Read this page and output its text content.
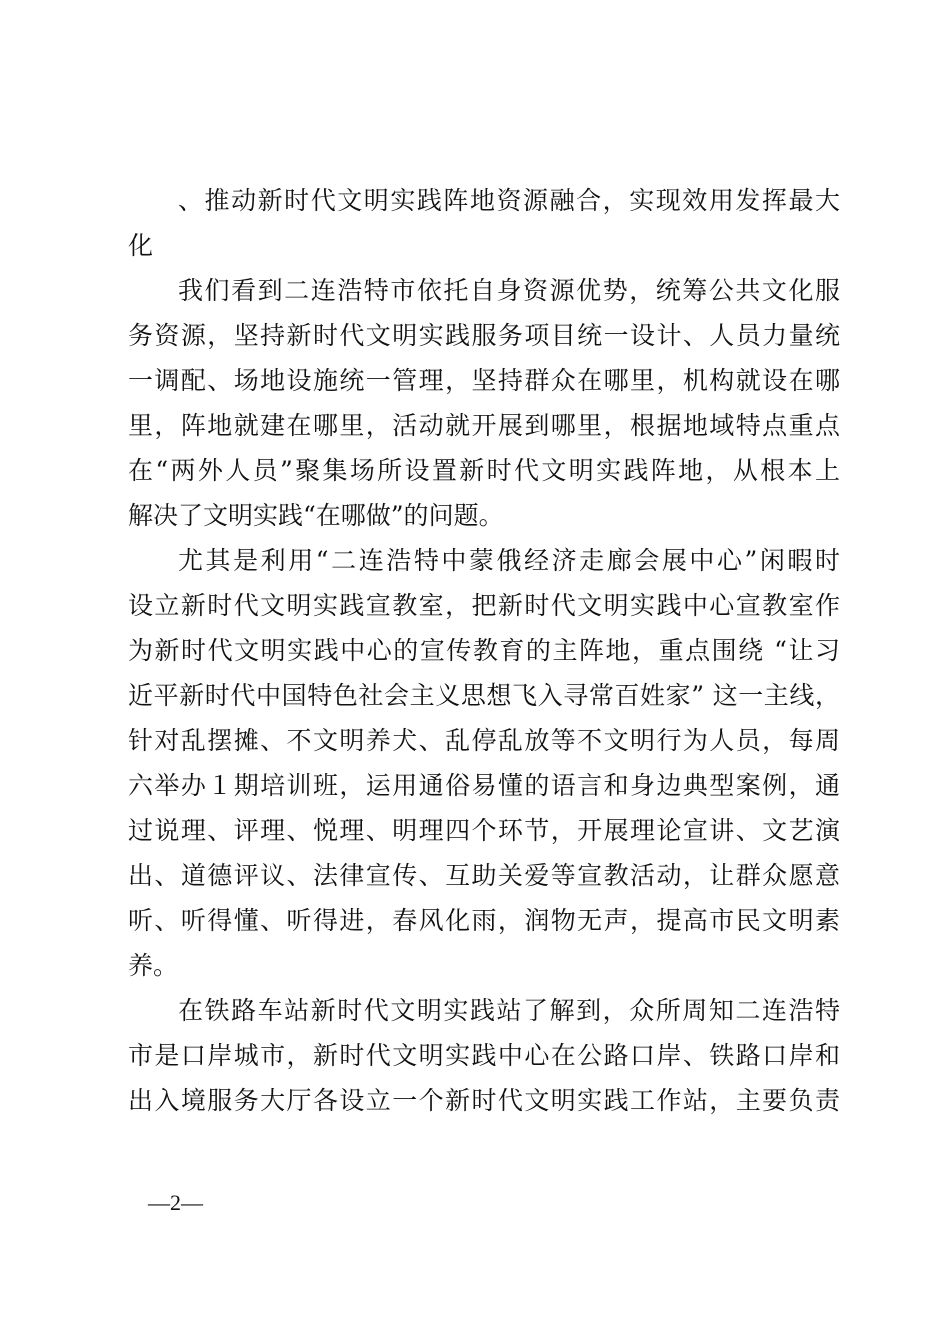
、推动新时代文明实践阵地资源融合，实现效用发挥最大
化
我们看到二连浩特市依托自身资源优势，统筹公共文化服
务资源，坚持新时代文明实践服务项目统一设计、人员力量统
一调配、场地设施统一管理，坚持群众在哪里，机构就设在哪
里，阵地就建在哪里，活动就开展到哪里，根据地域特点重点
在“两外人员”聚集场所设置新时代文明实践阵地，从根本上
解决了文明实践“在哪做”的问题。
尤其是利用“二连浩特中蒙俄经济走廊会展中心”闲暇时
设立新时代文明实践宣教室，把新时代文明实践中心宣教室作
为新时代文明实践中心的宣传教育的主阵地，重点围绕 “让习
近平新时代中国特色社会主义思想飞入寻常百姓家” 这一主线，
针对乱摆摊、不文明养犬、乱停乱放等不文明行为人员，每周
六举办１期培训班，运用通俗易懂的语言和身边典型案例，通
过说理、评理、悦理、明理四个环节，开展理论宣讲、文艺演
出、道德评议、法律宣传、互助关爱等宣教活动，让群众愿意
听、听得懂、听得进，春风化雨，润物无声，提高市民文明素
养。
在铁路车站新时代文明实践站了解到，众所周知二连浩特
市是口岸城市，新时代文明实践中心在公路口岸、铁路口岸和
出入境服务大厅各设立一个新时代文明实践工作站，主要负责
—2—
